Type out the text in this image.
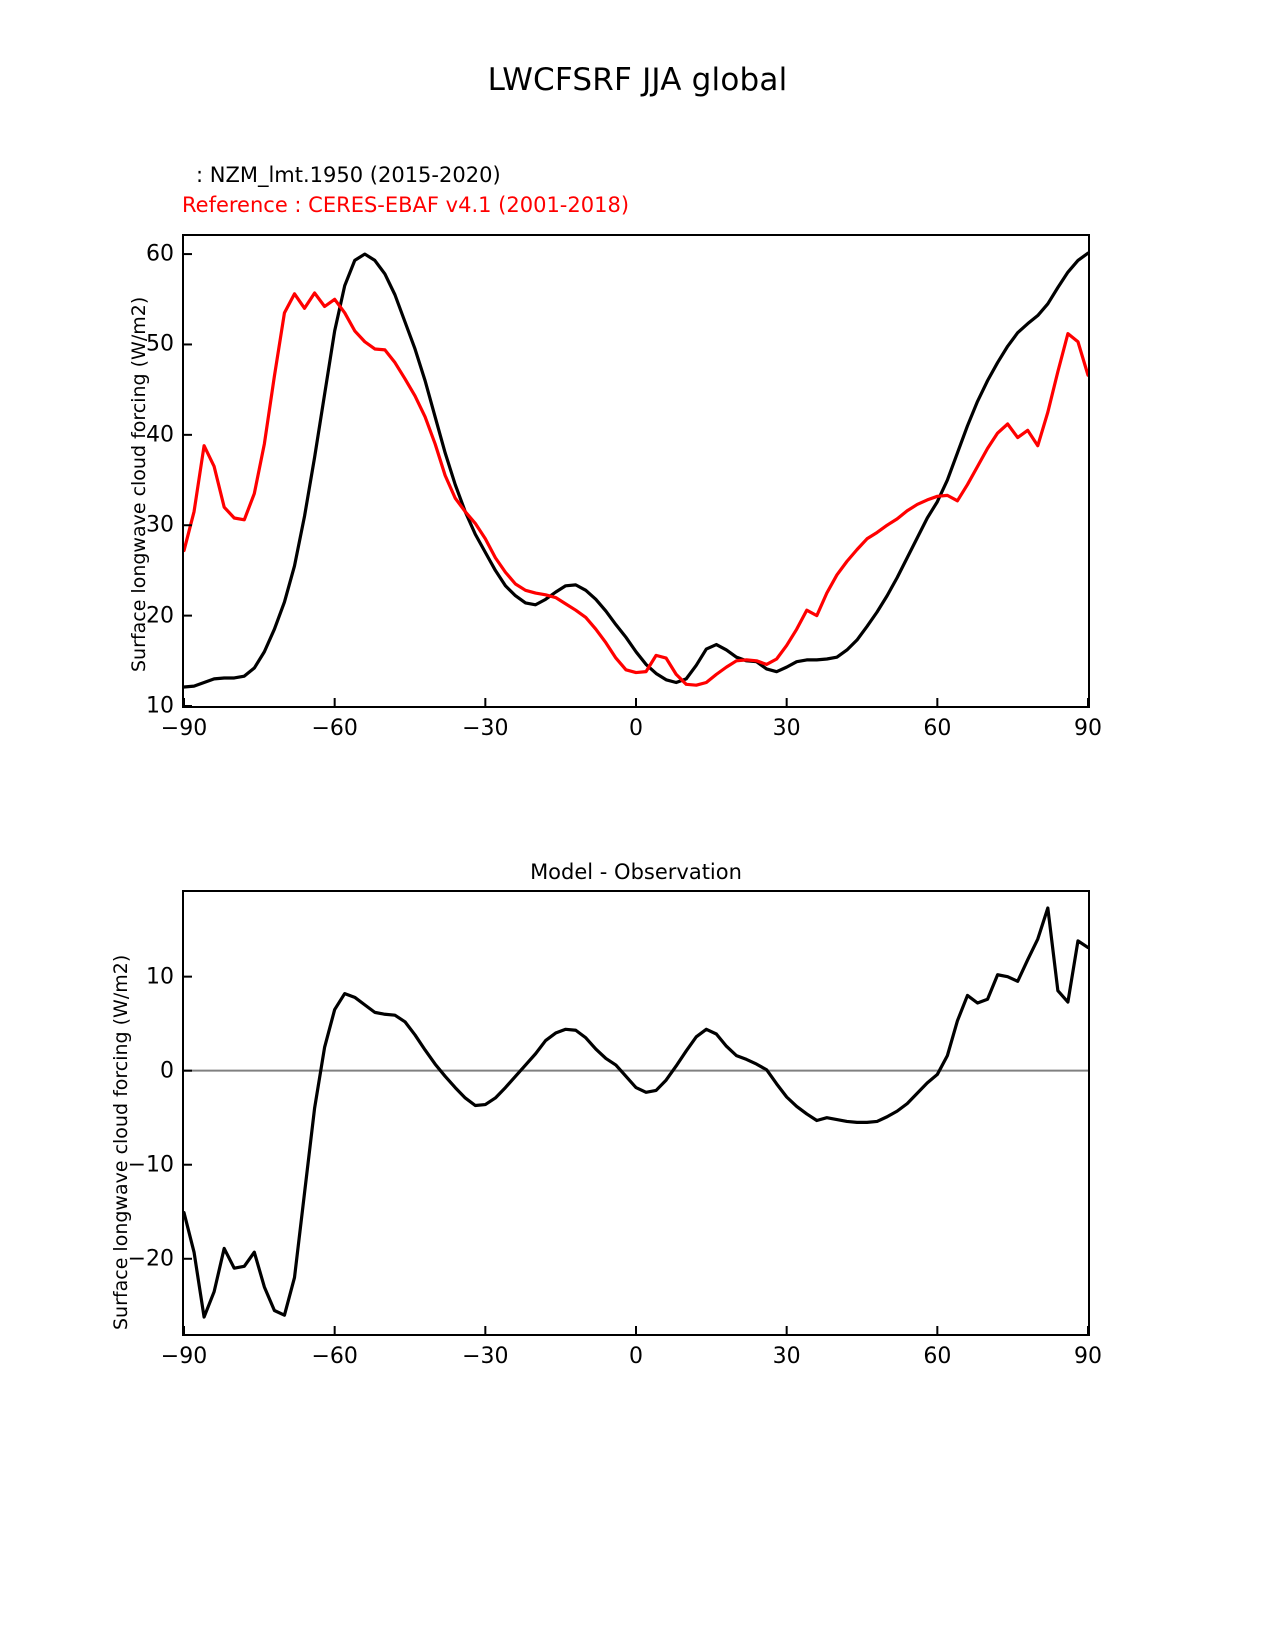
LWCFSRF JJA global
: NZM_lmt.1950 (2015-2020)
Reference : CERES-EBAF v4.1 (2001-2018)
Surface longwave cloud forcing (W/m2)
−90	−60	−30	0	30	60	90
10
20
30
40
50
60
Model - Observation
Surface longwave cloud forcing (W/m2)
−90	−60	−30	0	30	60	90
−20
−10
0
10
